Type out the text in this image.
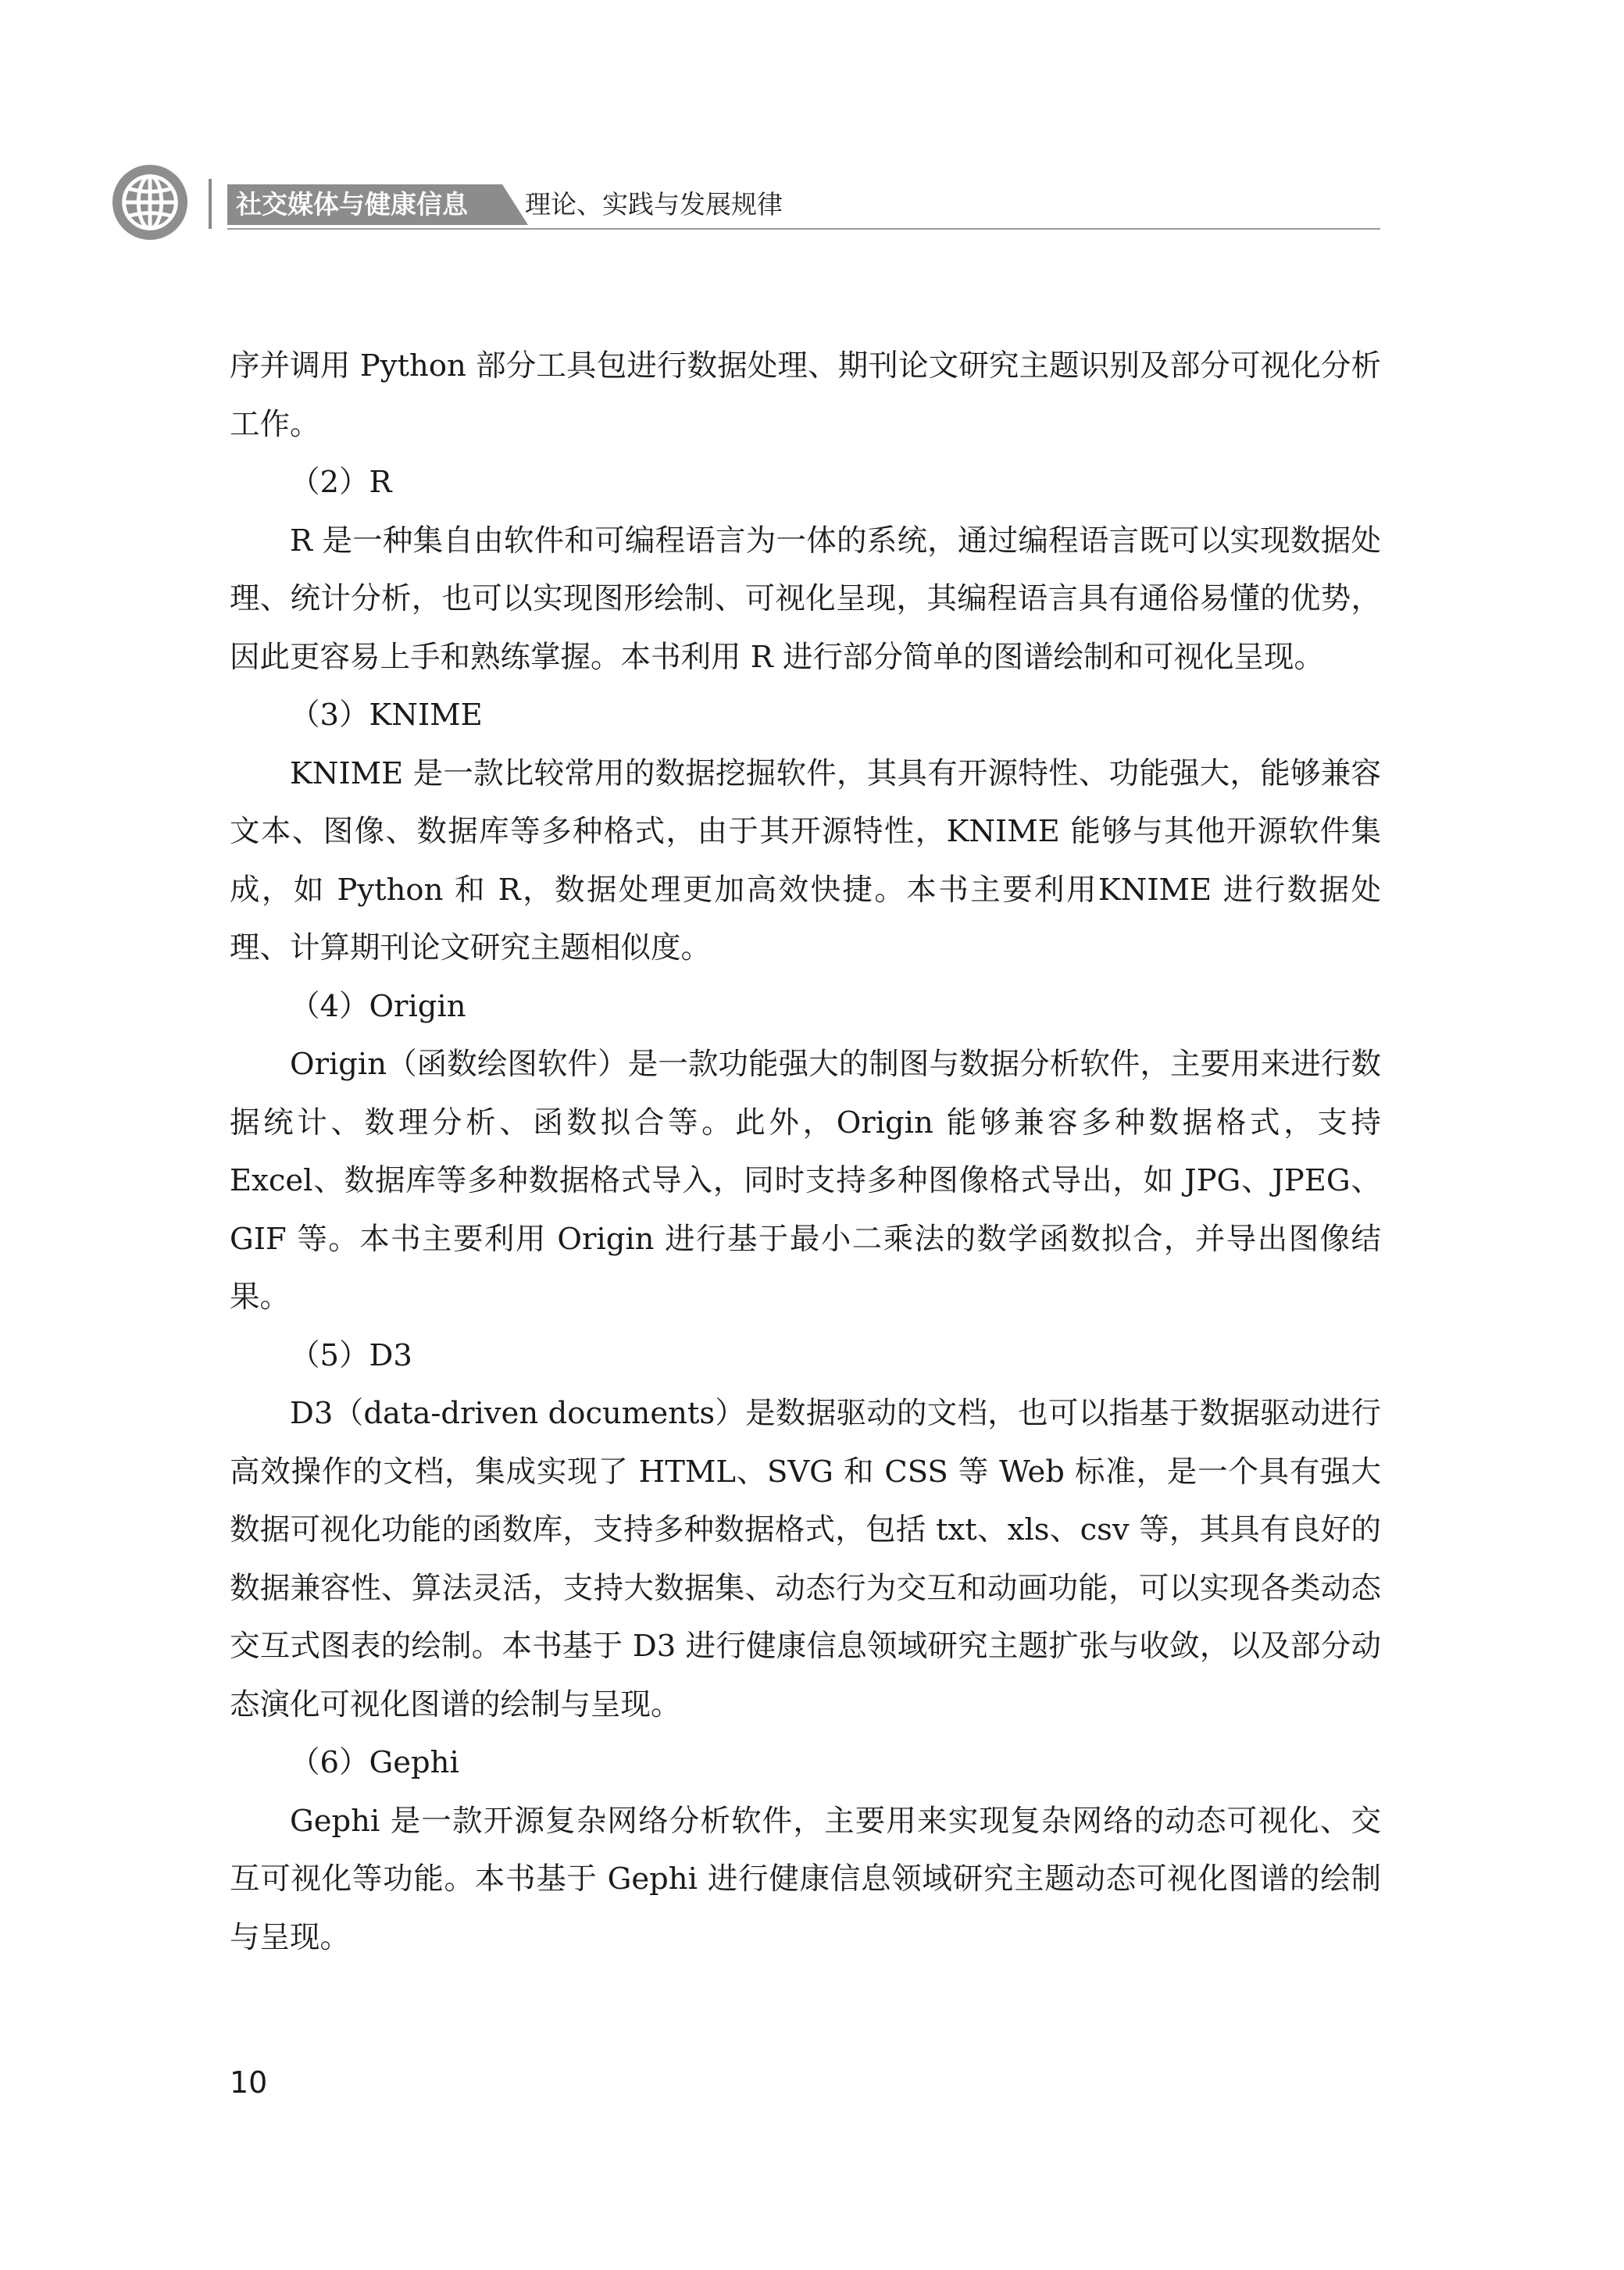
社交媒体与健康信息 理论、实践与发展规律

序并调用 Python 部分工具包进行数据处理、期刊论文研究主题识别及部分可视化分析工作。

（2）R

R 是一种集自由软件和可编程语言为一体的系统，通过编程语言既可以实现数据处理、统计分析，也可以实现图形绘制、可视化呈现，其编程语言具有通俗易懂的优势，因此更容易上手和熟练掌握。本书利用 R 进行部分简单的图谱绘制和可视化呈现。

（3）KNIME

KNIME 是一款比较常用的数据挖掘软件，其具有开源特性、功能强大，能够兼容文本、图像、数据库等多种格式，由于其开源特性，KNIME 能够与其他开源软件集成，如 Python 和 R，数据处理更加高效快捷。本书主要利用KNIME 进行数据处理、计算期刊论文研究主题相似度。

（4）Origin

Origin（函数绘图软件）是一款功能强大的制图与数据分析软件，主要用来进行数据统计、数理分析、函数拟合等。此外，Origin 能够兼容多种数据格式，支持 Excel、数据库等多种数据格式导入，同时支持多种图像格式导出，如 JPG、JPEG、GIF 等。本书主要利用 Origin 进行基于最小二乘法的数学函数拟合，并导出图像结果。

（5）D3

D3（data-driven documents）是数据驱动的文档，也可以指基于数据驱动进行高效操作的文档，集成实现了 HTML、SVG 和 CSS 等 Web 标准，是一个具有强大数据可视化功能的函数库，支持多种数据格式，包括 txt、xls、csv 等，其具有良好的数据兼容性、算法灵活，支持大数据集、动态行为交互和动画功能，可以实现各类动态交互式图表的绘制。本书基于 D3 进行健康信息领域研究主题扩张与收敛，以及部分动态演化可视化图谱的绘制与呈现。

（6）Gephi

Gephi 是一款开源复杂网络分析软件，主要用来实现复杂网络的动态可视化、交互可视化等功能。本书基于 Gephi 进行健康信息领域研究主题动态可视化图谱的绘制与呈现。

10
